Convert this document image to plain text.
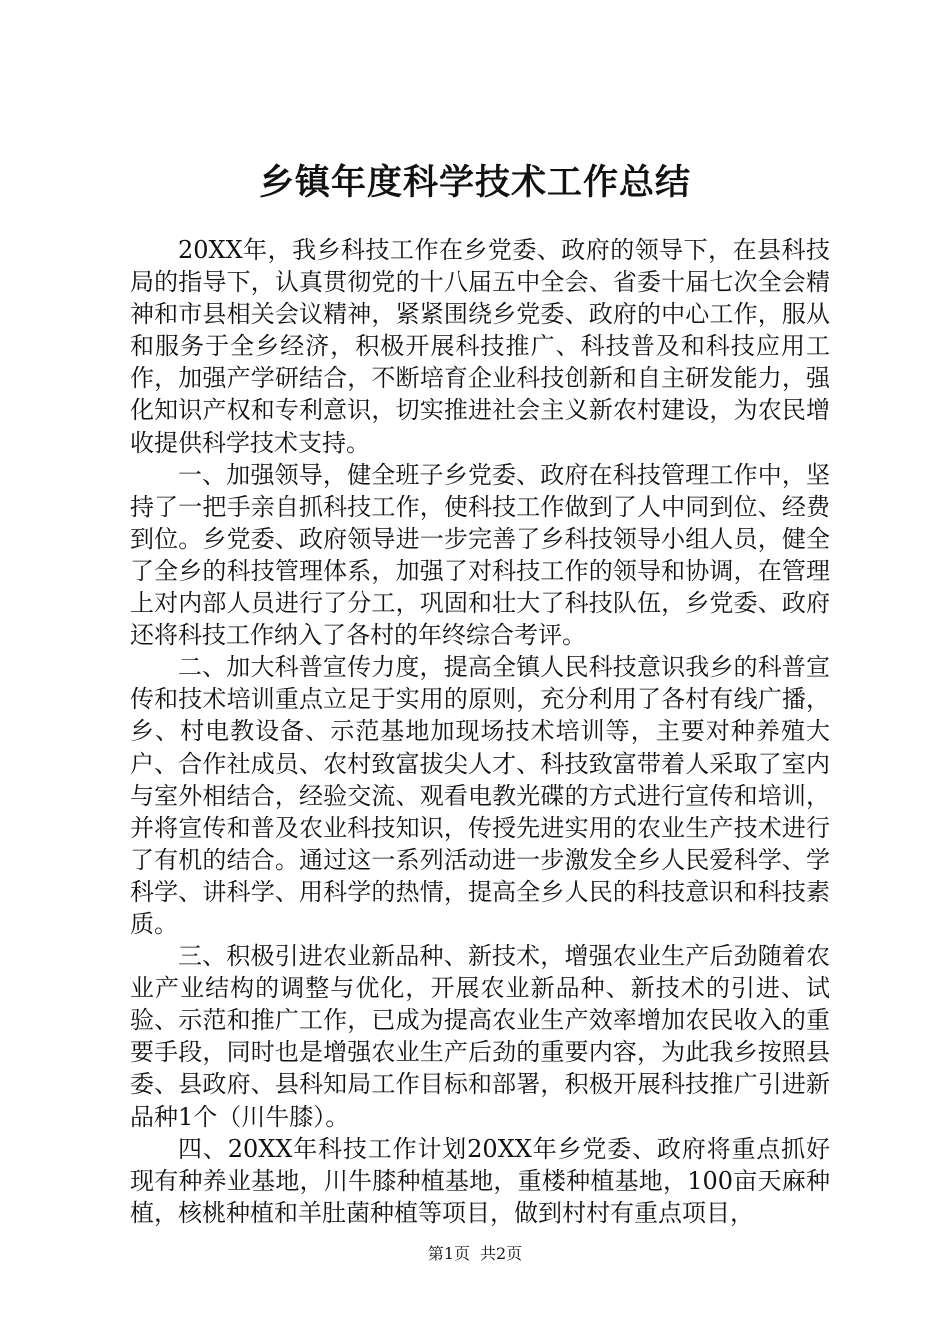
乡镇年度科学技术工作总结

20XX年，我乡科技工作在乡党委、政府的领导下，在县科技局的指导下，认真贯彻党的十八届五中全会、省委十届七次全会精神和市县相关会议精神，紧紧围绕乡党委、政府的中心工作，服从和服务于全乡经济，积极开展科技推广、科技普及和科技应用工作，加强产学研结合，不断培育企业科技创新和自主研发能力，强化知识产权和专利意识，切实推进社会主义新农村建设，为农民增收提供科学技术支持。

一、加强领导，健全班子乡党委、政府在科技管理工作中，坚持了一把手亲自抓科技工作，使科技工作做到了人中同到位、经费到位。乡党委、政府领导进一步完善了乡科技领导小组人员，健全了全乡的科技管理体系，加强了对科技工作的领导和协调，在管理上对内部人员进行了分工，巩固和壮大了科技队伍，乡党委、政府还将科技工作纳入了各村的年终综合考评。

二、加大科普宣传力度，提高全镇人民科技意识我乡的科普宣传和技术培训重点立足于实用的原则，充分利用了各村有线广播，乡、村电教设备、示范基地加现场技术培训等，主要对种养殖大户、合作社成员、农村致富拔尖人才、科技致富带着人采取了室内与室外相结合，经验交流、观看电教光碟的方式进行宣传和培训，并将宣传和普及农业科技知识，传授先进实用的农业生产技术进行了有机的结合。通过这一系列活动进一步激发全乡人民爱科学、学科学、讲科学、用科学的热情，提高全乡人民的科技意识和科技素质。

三、积极引进农业新品种、新技术，增强农业生产后劲随着农业产业结构的调整与优化，开展农业新品种、新技术的引进、试验、示范和推广工作，已成为提高农业生产效率增加农民收入的重要手段，同时也是增强农业生产后劲的重要内容，为此我乡按照县委、县政府、县科知局工作目标和部署，积极开展科技推广引进新品种1个（川牛膝）。

四、20XX年科技工作计划20XX年乡党委、政府将重点抓好现有种养业基地，川牛膝种植基地，重楼种植基地，100亩天麻种植，核桃种植和羊肚菌种植等项目，做到村村有重点项目，

第1页 共2页
